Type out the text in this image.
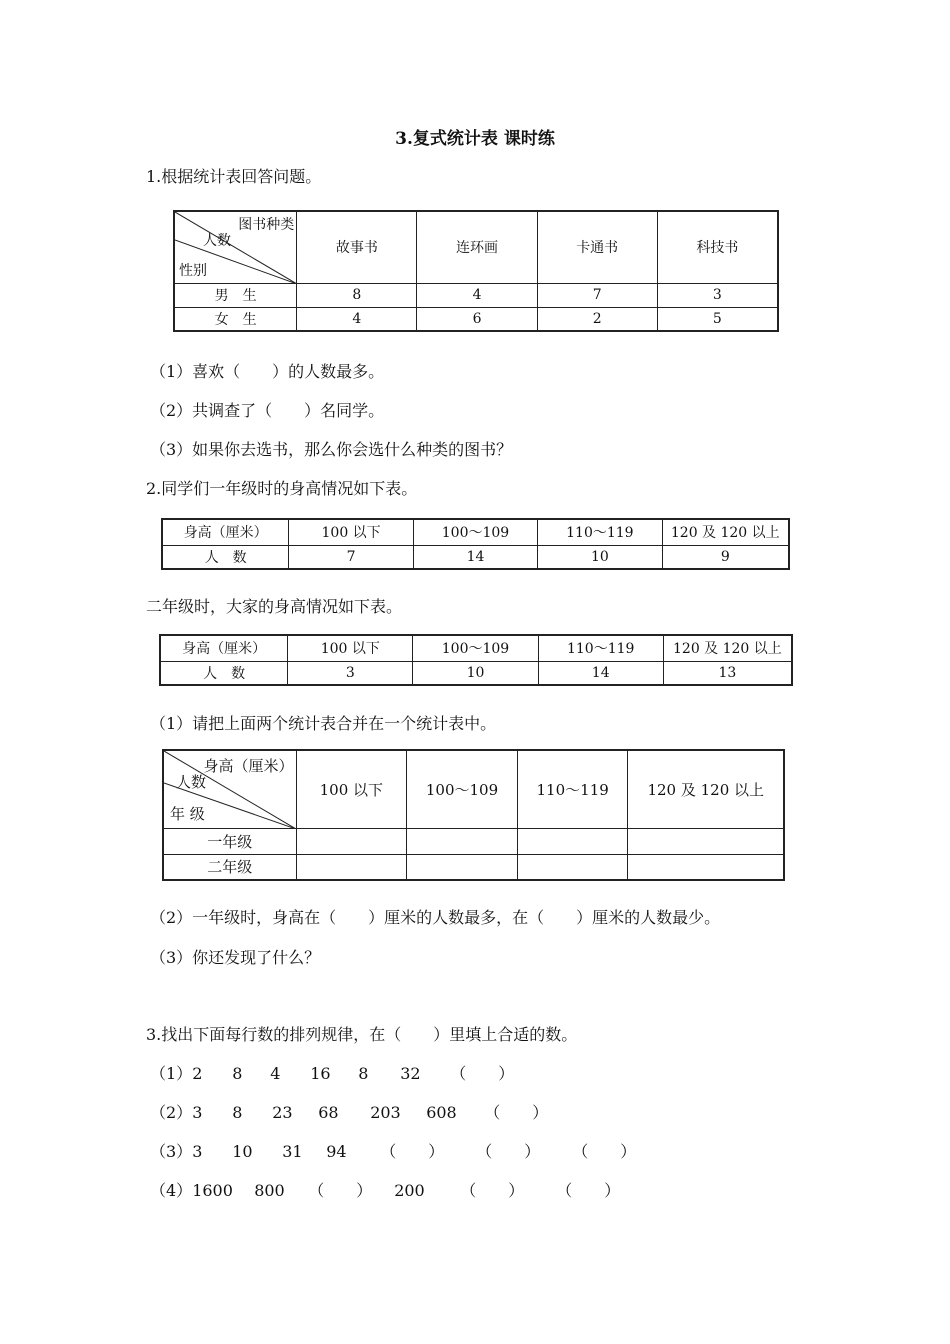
3.复式统计表 课时练
1.根据统计表回答问题。
图书种类
人数
性别	故事书	连环画	卡通书	科技书
男　生	8	4	7	3
女　生	4	6	2	5
（1）喜欢（　　）的人数最多。
（2）共调查了（　　）名同学。
（3）如果你去选书，那么你会选什么种类的图书？
2.同学们一年级时的身高情况如下表。
身高（厘米）	100 以下	100～109	110～119	120 及 120 以上
人　数	7	14	10	9
二年级时，大家的身高情况如下表。
身高（厘米）	100 以下	100～109	110～119	120 及 120 以上
人　数	3	10	14	13
（1）请把上面两个统计表合并在一个统计表中。
身高（厘米）
人数
年 级	100 以下	100～109	110～119	120 及 120 以上
一年级				
二年级				
（2）一年级时，身高在（　　）厘米的人数最多，在（　　）厘米的人数最少。
（3）你还发现了什么？
3.找出下面每行数的排列规律，在（　　）里填上合适的数。
（1）2 8 4 16 8 32 （　　）
（2）3 8 23 68 203 608 （　　）
（3）3 10 31 94 （　　） （　　） （　　）
（4）1600 800 （　　） 200 （　　） （　　）
